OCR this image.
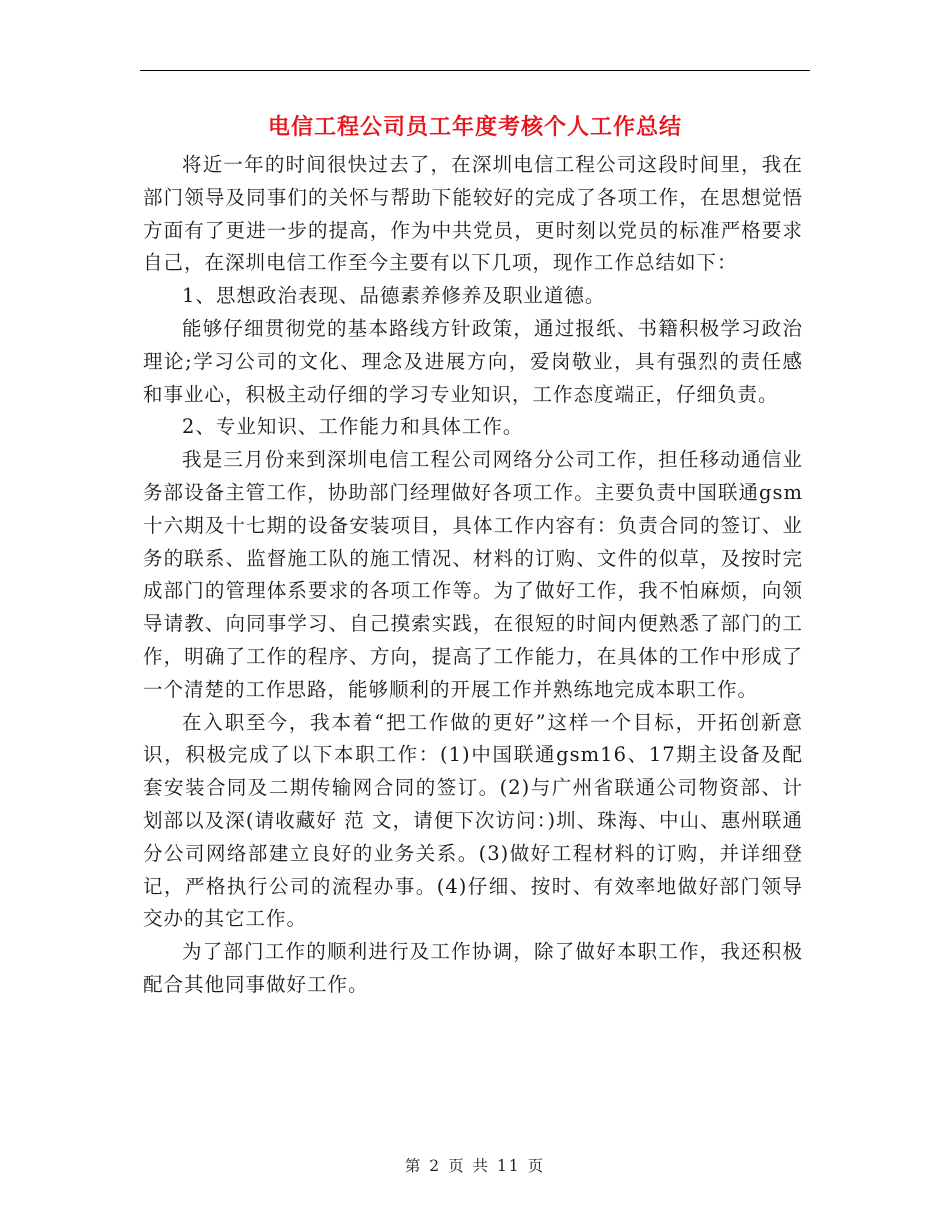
电信工程公司员工年度考核个人工作总结

将近一年的时间很快过去了，在深圳电信工程公司这段时间里，我在部门领导及同事们的关怀与帮助下能较好的完成了各项工作，在思想觉悟方面有了更进一步的提高，作为中共党员，更时刻以党员的标准严格要求自己，在深圳电信工作至今主要有以下几项，现作工作总结如下：

1、思想政治表现、品德素养修养及职业道德。

能够仔细贯彻党的基本路线方针政策，通过报纸、书籍积极学习政治理论;学习公司的文化、理念及进展方向，爱岗敬业，具有强烈的责任感和事业心，积极主动仔细的学习专业知识，工作态度端正，仔细负责。

2、专业知识、工作能力和具体工作。

我是三月份来到深圳电信工程公司网络分公司工作，担任移动通信业务部设备主管工作，协助部门经理做好各项工作。主要负责中国联通gsm十六期及十七期的设备安装项目，具体工作内容有：负责合同的签订、业务的联系、监督施工队的施工情况、材料的订购、文件的似草，及按时完成部门的管理体系要求的各项工作等。为了做好工作，我不怕麻烦，向领导请教、向同事学习、自己摸索实践，在很短的时间内便熟悉了部门的工作，明确了工作的程序、方向，提高了工作能力，在具体的工作中形成了一个清楚的工作思路，能够顺利的开展工作并熟练地完成本职工作。

在入职至今，我本着“把工作做的更好”这样一个目标，开拓创新意识，积极完成了以下本职工作：(1)中国联通gsm16、17期主设备及配套安装合同及二期传输网合同的签订。(2)与广州省联通公司物资部、计划部以及深(请收藏好 范 文，请便下次访问：)圳、珠海、中山、惠州联通分公司网络部建立良好的业务关系。(3)做好工程材料的订购，并详细登记，严格执行公司的流程办事。(4)仔细、按时、有效率地做好部门领导交办的其它工作。

为了部门工作的顺利进行及工作协调，除了做好本职工作，我还积极配合其他同事做好工作。

第 2 页 共 11 页
